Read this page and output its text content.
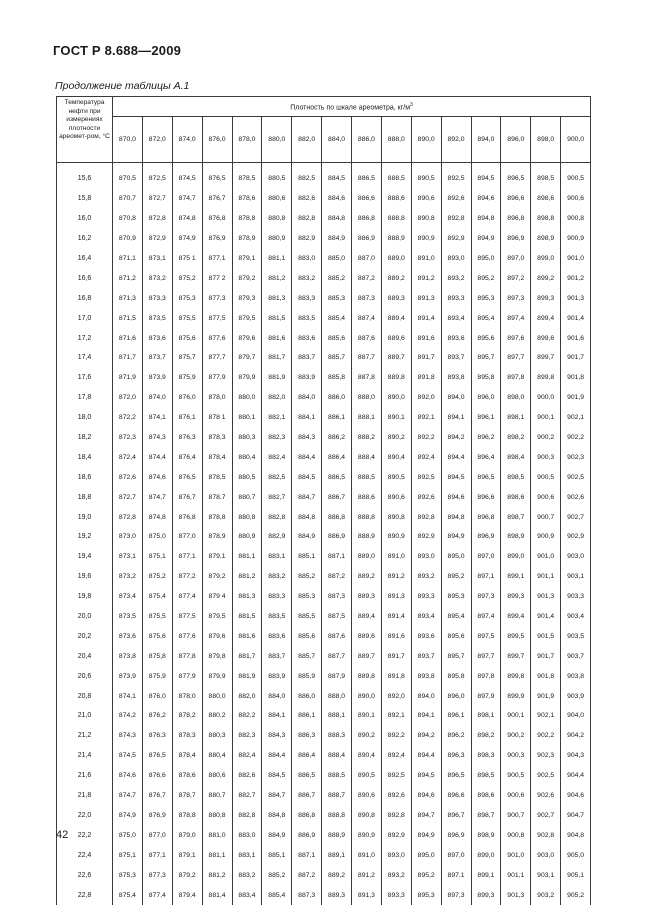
ГОСТ Р 8.688—2009
Продолжение таблицы А.1
Температура нефти при измерениях плотности ареомет-ром, °С	Плотность по шкале ареометра, $кг/м^3$
	870,0	872,0	874,0	876,0	878,0	880,0	882,0	884,0	886,0	888,0	890,0	892,0	894,0	896,0	898,0	900,0

15,6	870,5	872,5	874,5	876,5	878,5	880,5	882,5	884,5	886,5	888,5	890,5	892,5	894,5	896,5	898,5	900,5
15,8	870,7	872,7	874,7	876,7	878,6	880,6	882,6	884,6	886,6	888,6	890,6	892,6	894,6	896,6	898,6	900,6
16,0	870,8	872,8	874,8	876,8	878,8	880,8	882,8	884,8	886,8	888,8	890,8	892,8	894,8	896,8	898,8	900,8
16,2	870,9	872,9	874,9	876,9	878,9	880,9	882,9	884,9	886,9	888,9	890,9	892,9	894,9	896,9	898,9	900,9
16,4	871,1	873,1	875 1	877,1	879,1	881,1	883,0	885,0	887,0	889,0	891,0	893,0	895,0	897,0	899,0	901,0
16,6	871,2	873,2	875,2	877 2	879,2	881,2	883,2	885,2	887,2	889,2	891,2	893,2	895,2	897,2	899,2	901,2
16,8	871,3	873,3	875,3	877,3	879,3	881,3	883,3	885,3	887,3	889,3	891,3	893,3	895,3	897,3	899,3	901,3
17,0	871,5	873,5	875,5	877,5	879,5	881,5	883,5	885,4	887,4	889,4	891,4	893,4	895,4	897,4	899,4	901,4
17,2	871,6	873,6	875,6	877,6	879,6	881,6	883,6	885,6	887,6	889,6	891,6	893,6	895,6	897,6	899,6	901,6
17,4	871,7	873,7	875,7	877,7	879,7	881,7	883,7	885,7	887,7	889,7	891,7	893,7	895,7	897,7	899,7	901,7
17,6	871,9	873,9	875,9	877,9	879,9	881,9	883,9	885,8	887,8	889,8	891,8	893,8	895,8	897,8	899,8	901,8
17,8	872,0	874,0	876,0	878,0	880,0	882,0	884,0	886,0	888,0	890,0	892,0	894,0	896,0	898,0	900,0	901,9
18,0	872,2	874,1	876,1	878 1	880,1	882,1	884,1	886,1	888,1	890,1	892,1	894,1	896,1	898,1	900,1	902,1
18,2	872,3	874,3	876,3	878,3	880,3	882,3	884,3	886,2	888,2	890,2	892,2	894,2	896,2	898,2	900,2	902,2
18,4	872,4	874,4	876,4	878,4	880,4	882,4	884,4	886,4	888,4	890,4	892,4	894,4	896,4	898,4	900,3	902,3
18,6	872,6	874,6	876,5	878,5	880,5	882,5	884,5	886,5	888,5	890,5	892,5	894,5	896,5	898,5	900,5	902,5
18,8	872,7	874,7	876,7	878,7	880,7	882,7	884,7	886,7	888,6	890,6	892,6	894,6	896,6	898,6	900,6	902,6
19,0	872,8	874,8	876,8	878,8	880,8	882,8	884,8	886,8	888,8	890,8	892,8	894,8	896,8	898,7	900,7	902,7
19,2	873,0	875,0	877,0	878,9	880,9	882,9	884,9	886,9	888,9	890,9	892,9	894,9	896,9	898,9	900,9	902,9
19,4	873,1	875,1	877,1	879,1	881,1	883,1	885,1	887,1	889,0	891,0	893,0	895,0	897,0	899,0	901,0	903,0
19,6	873,2	875,2	877,2	879,2	881,2	883,2	885,2	887,2	889,2	891,2	893,2	895,2	897,1	899,1	901,1	903,1
19,8	873,4	875,4	877,4	879 4	881,3	883,3	885,3	887,3	889,3	891,3	893,3	895,3	897,3	899,3	901,3	903,3
20,0	873,5	875,5	877,5	879,5	881,5	883,5	885,5	887,5	889,4	891,4	893,4	895,4	897,4	899,4	901,4	903,4
20,2	873,6	875,6	877,6	879,6	881,6	883,6	885,6	887,6	889,6	891,6	893,6	895,6	897,5	899,5	901,5	903,5
20,4	873,8	875,8	877,8	879,8	881,7	883,7	885,7	887,7	889,7	891,7	893,7	895,7	897,7	899,7	901,7	903,7
20,6	873,9	875,9	877,9	879,9	881,9	883,9	885,9	887,9	889,8	891,8	893,8	895,8	897,8	899,8	901,8	903,8
20,8	874,1	876,0	878,0	880,0	882,0	884,0	886,0	888,0	890,0	892,0	894,0	896,0	897,9	899,9	901,9	903,9
21,0	874,2	876,2	878,2	880,2	882,2	884,1	886,1	888,1	890,1	892,1	894,1	896,1	898,1	900,1	902,1	904,0
21,2	874,3	876,3	878,3	880,3	882,3	884,3	886,3	888,3	890,2	892,2	894,2	896,2	898,2	900,2	902,2	904,2
21,4	874,5	876,5	878,4	880,4	882,4	884,4	886,4	888,4	890,4	892,4	894,4	896,3	898,3	900,3	902,3	904,3
21,6	874,6	876,6	878,6	880,6	882,6	884,5	886,5	888,5	890,5	892,5	894,5	896,5	898,5	900,5	902,5	904,4
21,8	874,7	876,7	878,7	880,7	882,7	884,7	886,7	888,7	890,6	892,6	894,6	896,6	898,6	900,6	902,6	904,6
22,0	874,9	876,9	878,8	880,8	882,8	884,8	886,8	888,8	890,8	892,8	894,7	896,7	898,7	900,7	902,7	904,7
22,2	875,0	877,0	879,0	881,0	883,0	884,9	886,9	888,9	890,9	892,9	894,9	896,9	898,9	900,8	902,8	904,8
22,4	875,1	877,1	879,1	881,1	883,1	885,1	887,1	889,1	891,0	893,0	895,0	897,0	899,0	901,0	903,0	905,0
22,6	875,3	877,3	879,2	881,2	883,2	885,2	887,2	889,2	891,2	893,2	895,2	897,1	899,1	901,1	903,1	905,1
22,8	875,4	877,4	879,4	881,4	883,4	885,4	887,3	889,3	891,3	893,3	895,3	897,3	899,3	901,3	903,2	905,2
42
